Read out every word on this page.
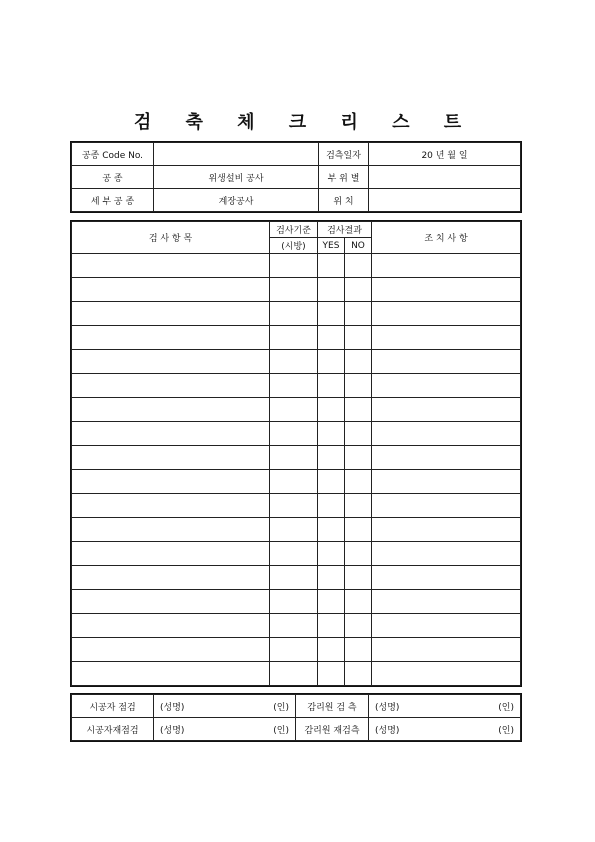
검 축 체 크 리 스 트
공종 Code No.		검측일자	20 년 월 일
공 종	위생설비 공사	부 위 별	
세 부 공 종	계장공사	위 치	
검 사 항 목	검사기준	검사결과		조 치 사 항
	(시방)	YES	NO	

시공자 점검	(성명)	(인)	감리원 검 측	(성명)	(인)
시공자재점검	(성명)	(인)	감리원 재검측	(성명)	(인)
